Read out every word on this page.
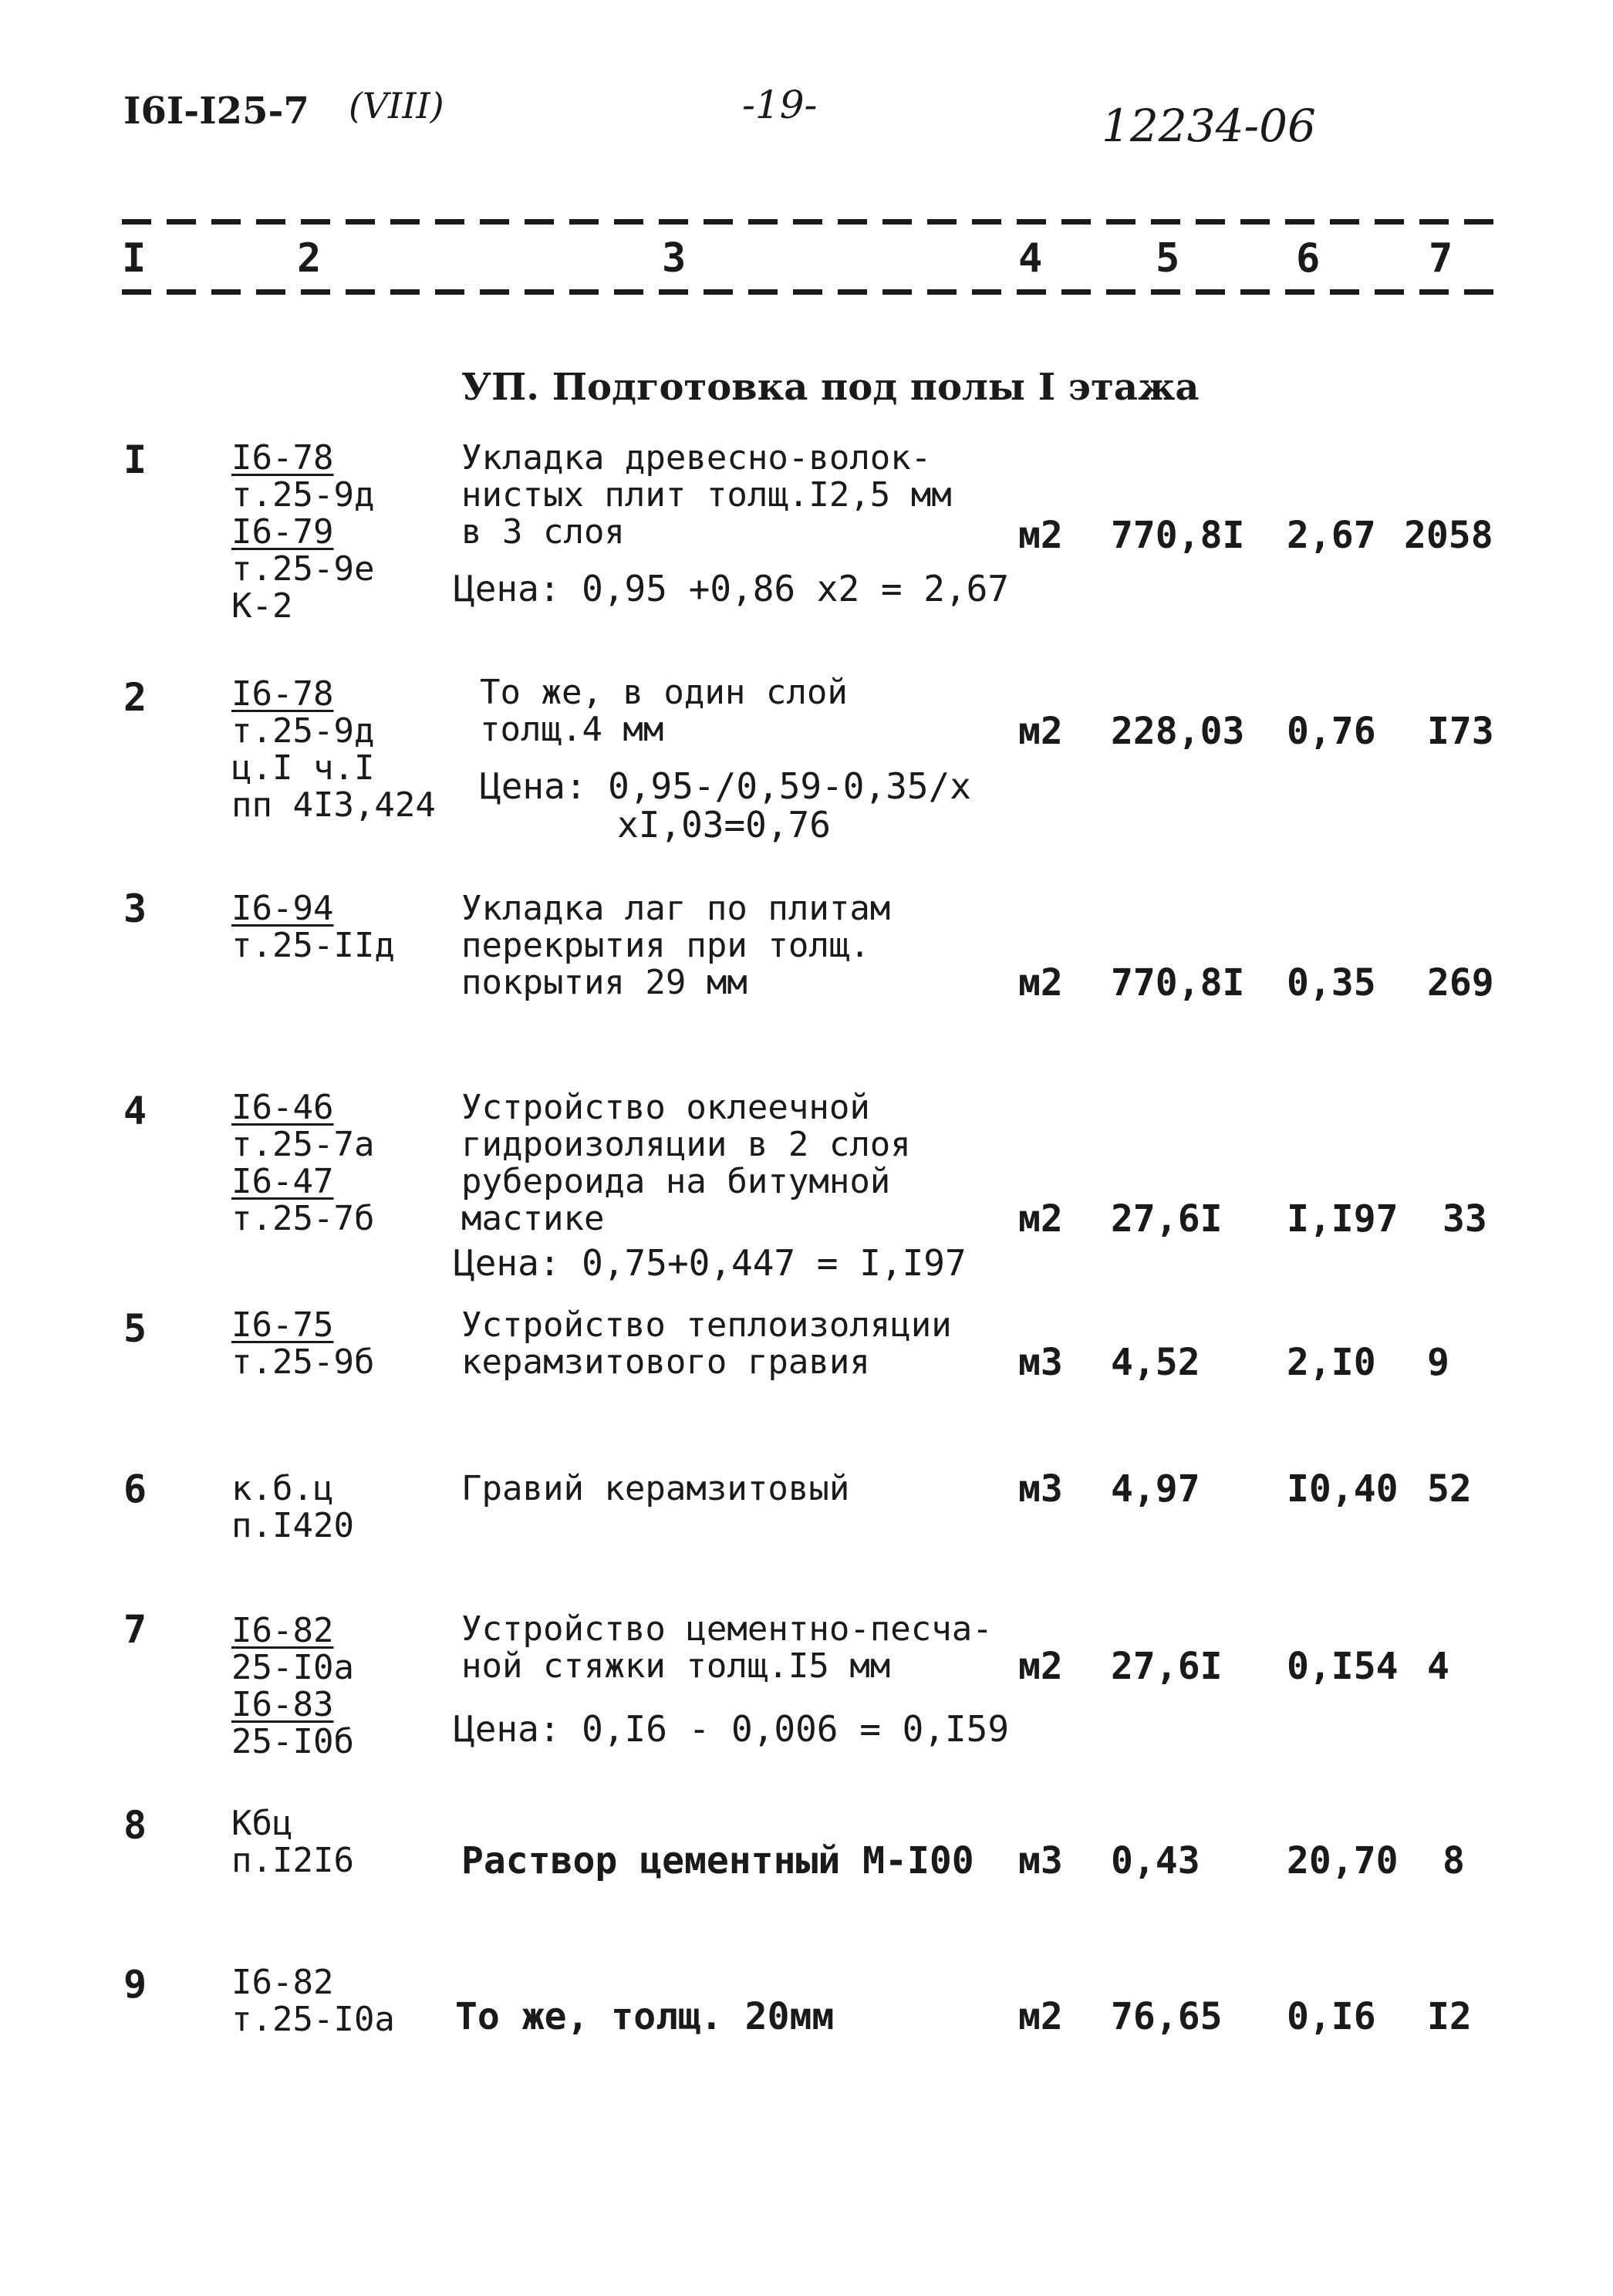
I6I-I25-7 (VIII)	-19-	12234-06
I	2	3	4	5	6	7
УП. Подготовка под полы I этажа
I I6-78
т.25-9д
I6-79
т.25-9е
К-2
Укладка древесно-волок-
нистых плит толщ.I2,5 мм
в 3 слоя
Цена: 0,95 +0,86 х2 = 2,67
м2 770,8I 2,67 2058
2 I6-78
т.25-9д
ц.I ч.I
пп 4I3,424
То же, в один слой
толщ.4 мм
Цена: 0,95-/0,59-0,35/х
хI,03=0,76
м2 228,03 0,76 I73
3 I6-94
т.25-IIд
Укладка лаг по плитам
перекрытия при толщ.
покрытия 29 мм	м2 770,8I 0,35 269
4 I6-46
т.25-7а
I6-47
т.25-7б
Устройство оклеечной
гидроизоляции в 2 слоя
рубероида на битумной
мастике
Цена: 0,75+0,447 = I,I97
м2 27,6I I,I97 33
5 I6-75
т.25-9б
Устройство теплоизоляции
керамзитового гравия	м3 4,52 2,I0 9
6 к.б.ц
п.I420
Гравий керамзитовый	м3 4,97 I0,40 52
7 I6-82
25-I0а
I6-83
25-I0б
Устройство цементно-песча-
ной стяжки толщ.I5 мм
Цена: 0,I6 - 0,006 = 0,I59
м2 27,6I 0,I54 4
8 Кбц
п.I2I6	Раствор цементный М-I00 м3 0,43 20,70 8
9 I6-82
т.25-I0а То же, толщ. 20мм	м2 76,65 0,I6 I2
